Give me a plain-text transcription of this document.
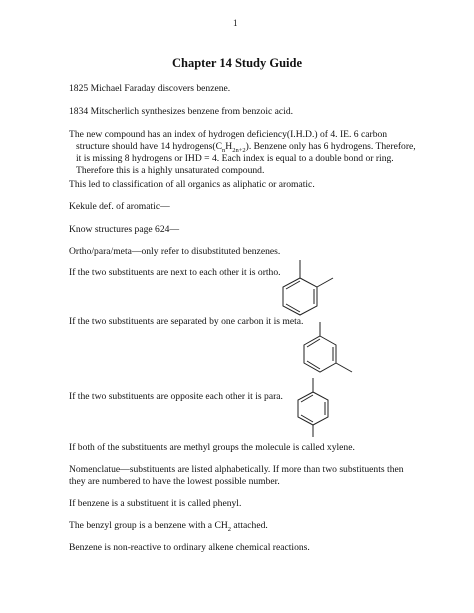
1
Chapter 14 Study Guide

1825 Michael Faraday discovers benzene.

1834 Mitscherlich synthesizes benzene from benzoic acid.

The new compound has an index of hydrogen deficiency(I.H.D.) of 4. IE. 6 carbon

structure should have 14 $hydrogens(C_nH_{2n+2})$. Benzene only has 6 hydrogens. Therefore,

it is missing 8 hydrogens or IHD = 4. Each index is equal to a double bond or ring.

Therefore this is a highly unsaturated compound.

This led to classification of all organics as aliphatic or aromatic.

Kekule def. of aromatic—

Know structures page 624—

Ortho/para/meta—only refer to disubstituted benzenes.

If the two substituents are next to each other it is ortho.

If the two substituents are separated by one carbon it is meta.

If the two substituents are opposite each other it is para.

If both of the substituents are methyl groups the molecule is called xylene.

Nomenclatue—substituents are listed alphabetically. If more than two substituents then

they are numbered to have the lowest possible number.

If benzene is a substituent it is called phenyl.

The benzyl group is a benzene with a $CH_2$ attached.

Benzene is non-reactive to ordinary alkene chemical reactions.
